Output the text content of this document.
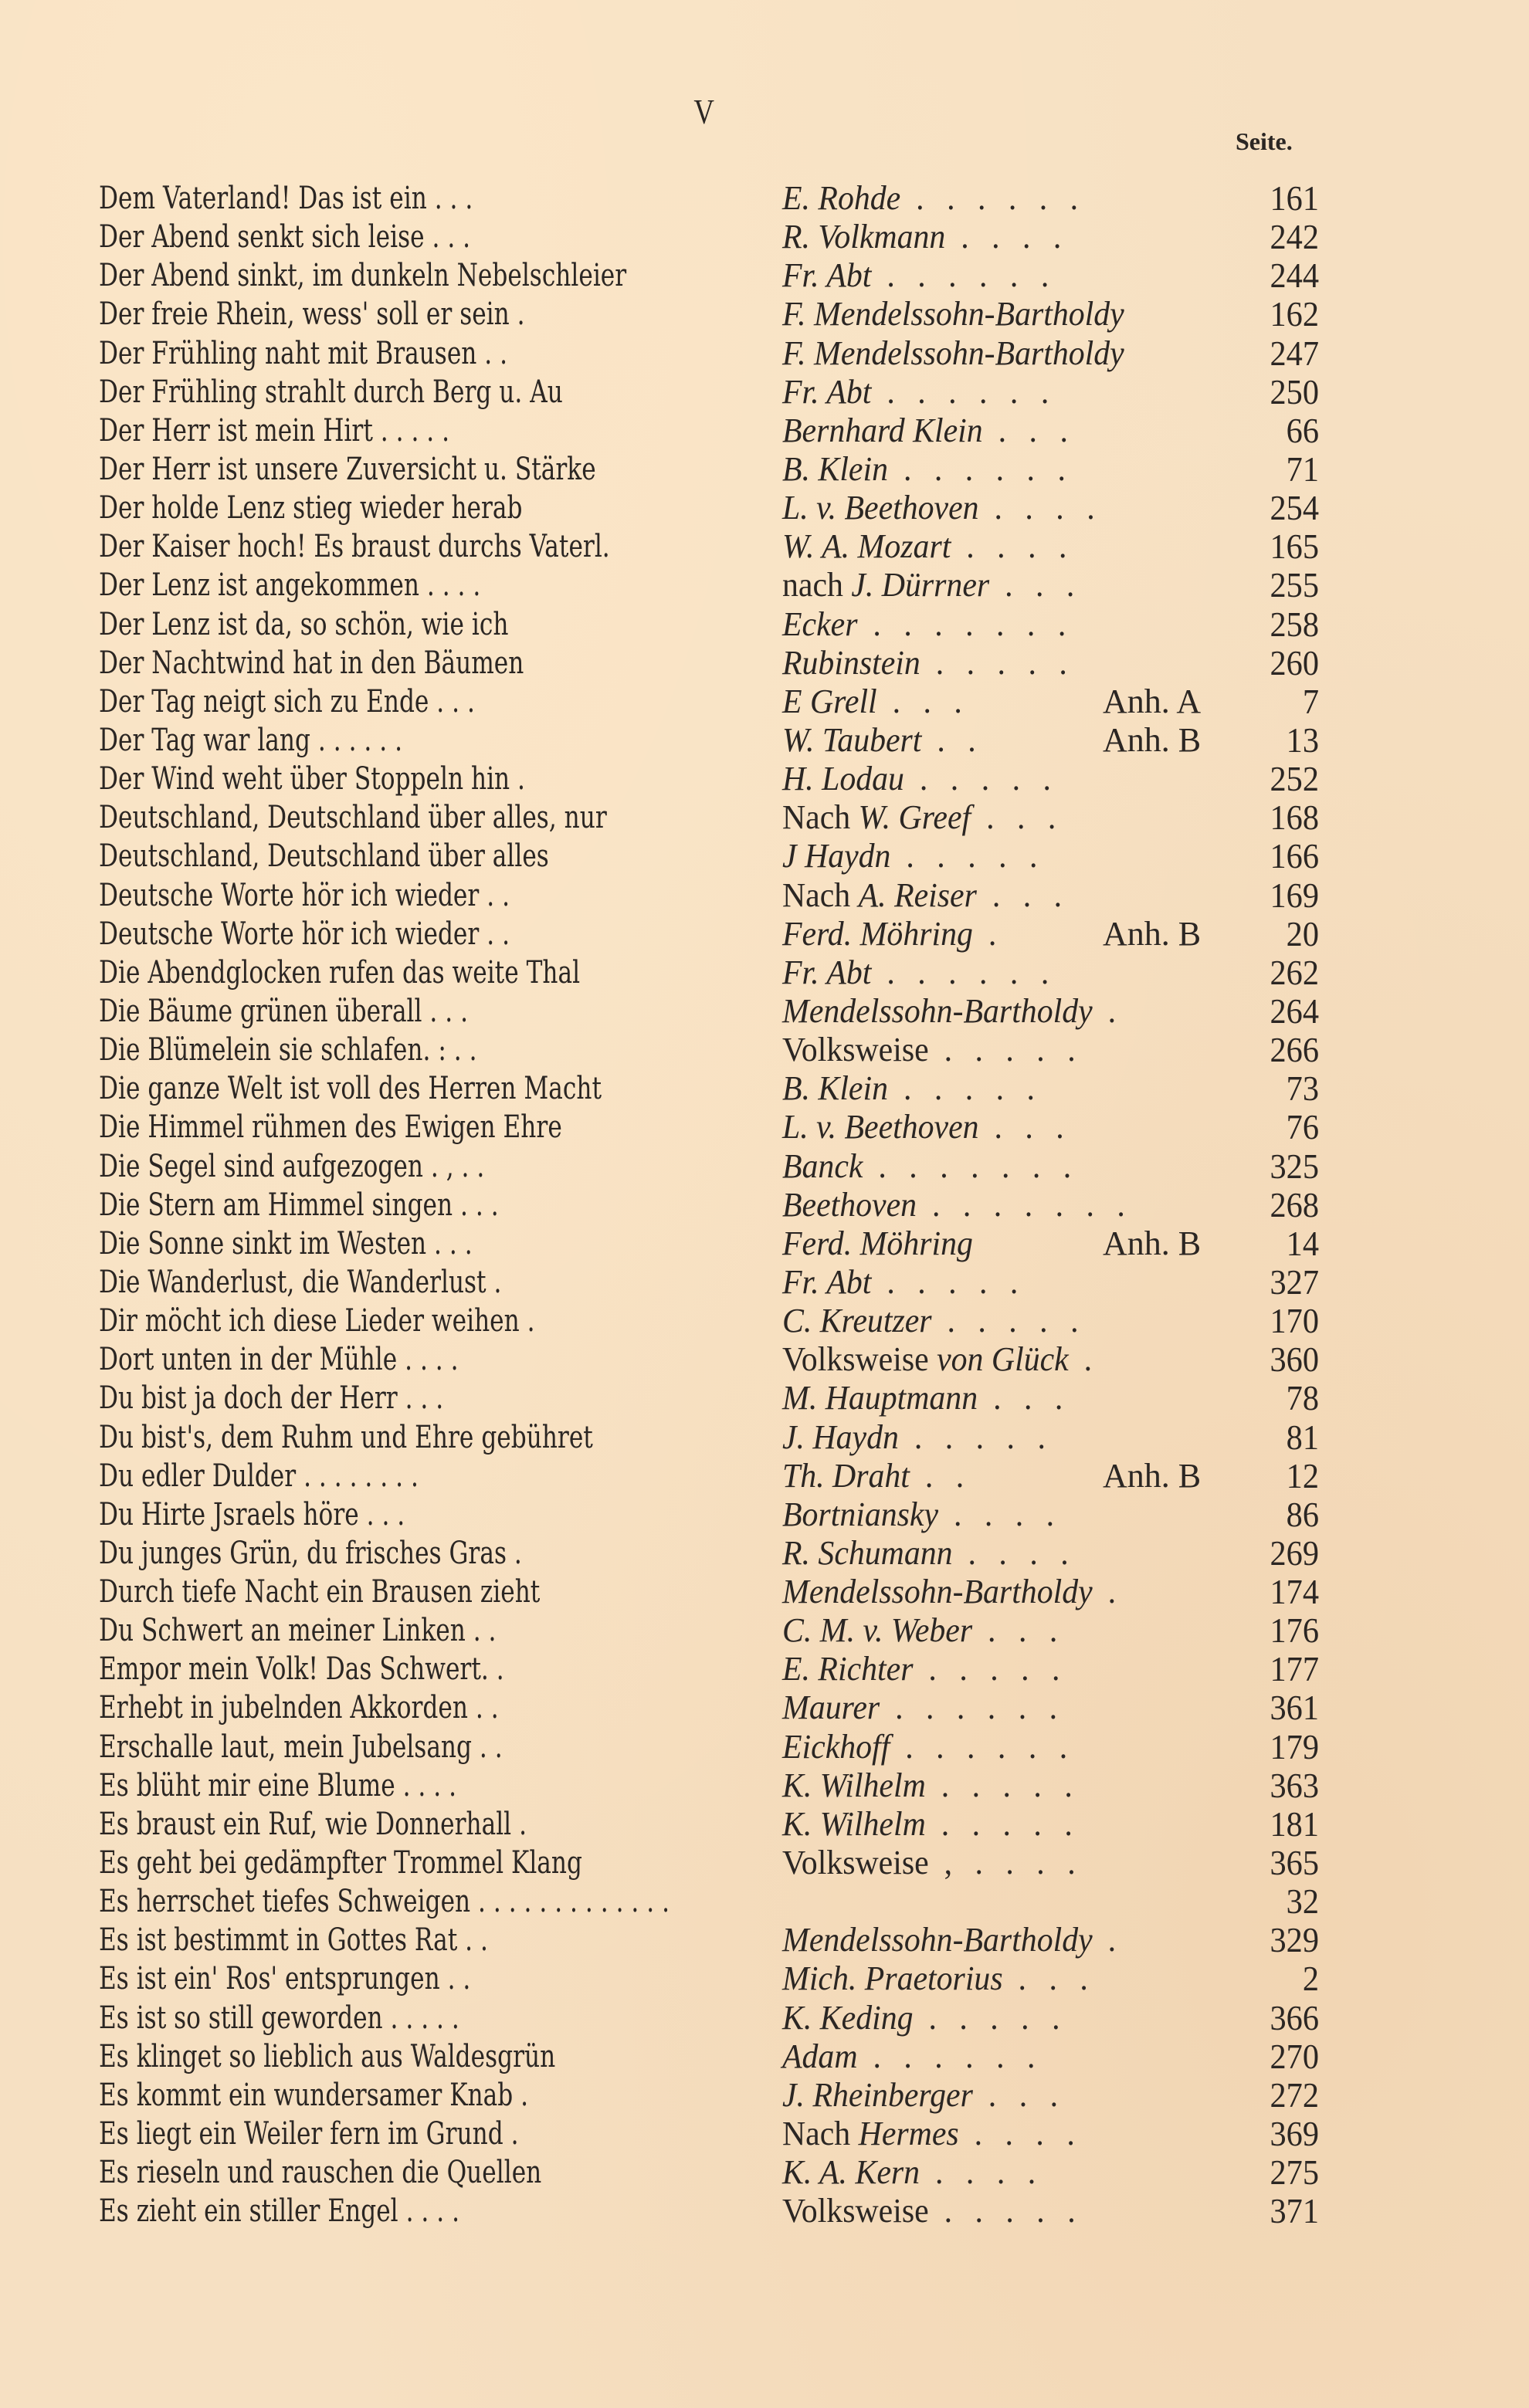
V
Seite.
Dem Vaterland! Das ist ein . . .	E. Rohde . . . . . .	161
Der Abend senkt sich leise . . .	R. Volkmann . . . .	242
Der Abend sinkt, im dunkeln Nebelschleier	Fr. Abt . . . . . .	244
Der freie Rhein, wess' soll er sein .	F. Mendelssohn-Bartholdy	162
Der Frühling naht mit Brausen . .	F. Mendelssohn-Bartholdy	247
Der Frühling strahlt durch Berg u. Au	Fr. Abt . . . . . .	250
Der Herr ist mein Hirt . . . . .	Bernhard Klein . . .	66
Der Herr ist unsere Zuversicht u. Stärke	B. Klein . . . . . .	71
Der holde Lenz stieg wieder herab	L. v. Beethoven . . . .	254
Der Kaiser hoch! Es braust durchs Vaterl.	W. A. Mozart . . . .	165
Der Lenz ist angekommen . . . .	nach J. Dürrner . . .	255
Der Lenz ist da, so schön, wie ich	Ecker . . . . . . .	258
Der Nachtwind hat in den Bäumen	Rubinstein . . . . .	260
Der Tag neigt sich zu Ende . . .	E Grell . . .	Anh. A	7
Der Tag war lang . . . . . .	W. Taubert . .	Anh. B 13
Der Wind weht über Stoppeln hin .	H. Lodau . . . . .	252
Deutschland, Deutschland über alles, nur	Nach W. Greef . . .	168
Deutschland, Deutschland über alles	J Haydn . . . . .	166
Deutsche Worte hör ich wieder . .	Nach A. Reiser . . .	169
Deutsche Worte hör ich wieder . .	Ferd. Möhring .	Anh. B 20
Die Abendglocken rufen das weite Thal	Fr. Abt . . . . . .	262
Die Bäume grünen überall . . .	Mendelssohn-Bartholdy .	264
Die Blümelein sie schlafen. : . .	Volksweise . . . . .	266
Die ganze Welt ist voll des Herren Macht	B. Klein . . . . .	73
Die Himmel rühmen des Ewigen Ehre	L. v. Beethoven . . .	76
Die Segel sind aufgezogen . , . .	Banck . . . . . . .	325
Die Stern am Himmel singen . . .	Beethoven . . . . . . .	268
Die Sonne sinkt im Westen . . .	Ferd. Möhring	Anh. B 14
Die Wanderlust, die Wanderlust .	Fr. Abt . . . . .	327
Dir möcht ich diese Lieder weihen .	C. Kreutzer . . . . .	170
Dort unten in der Mühle . . . .	Volksweise von Glück .	360
Du bist ja doch der Herr . . .	M. Hauptmann . . .	78
Du bist's, dem Ruhm und Ehre gebühret	J. Haydn . . . . .	81
Du edler Dulder . . . . . . . .	Th. Draht . .	Anh. B 12
Du Hirte Jsraels höre . . .	Bortniansky . . . .	86
Du junges Grün, du frisches Gras .	R. Schumann . . . .	269
Durch tiefe Nacht ein Brausen zieht	Mendelssohn-Bartholdy .	174
Du Schwert an meiner Linken . .	C. M. v. Weber . . .	176
Empor mein Volk! Das Schwert. .	E. Richter . . . . .	177
Erhebt in jubelnden Akkorden . .	Maurer . . . . . .	361
Erschalle laut, mein Jubelsang . .	Eickhoff . . . . . .	179
Es blüht mir eine Blume . . . .	K. Wilhelm . . . . .	363
Es braust ein Ruf, wie Donnerhall .	K. Wilhelm . . . . .	181
Es geht bei gedämpfter Trommel Klang	Volksweise , . . . .	365
Es herrschet tiefes Schweigen . . . . . . . . . . . . .	32
Es ist bestimmt in Gottes Rat . .	Mendelssohn-Bartholdy .	329
Es ist ein' Ros' entsprungen . .	Mich. Praetorius . . .	2
Es ist so still geworden . . . . .	K. Keding . . . . .	366
Es klinget so lieblich aus Waldesgrün	Adam . . . . . .	270
Es kommt ein wundersamer Knab .	J. Rheinberger . . .	272
Es liegt ein Weiler fern im Grund .	Nach Hermes . . . .	369
Es rieseln und rauschen die Quellen	K. A. Kern . . . .	275
Es zieht ein stiller Engel . . . .	Volksweise . . . . .	371
